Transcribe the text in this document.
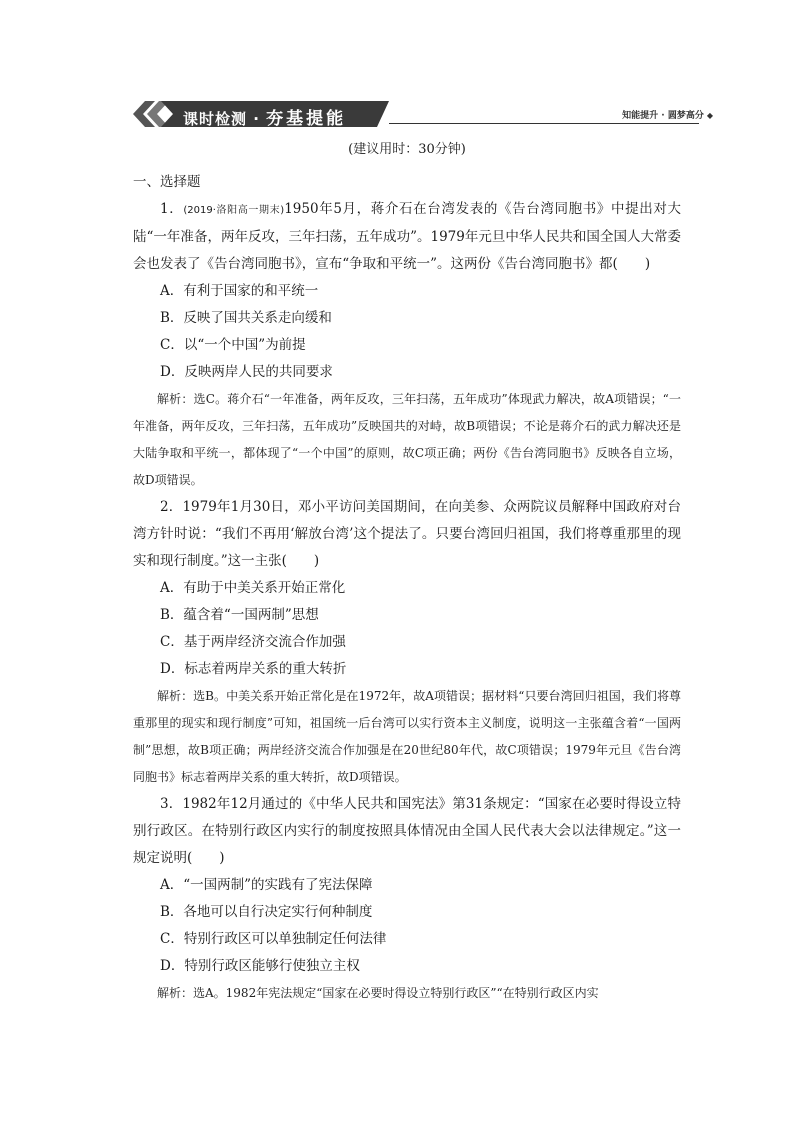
课时检测 · 夯基提能	知能提升 · 圆梦高分 ◆
(建议用时：30分钟)
一、选择题

1．(2019·洛阳高一期末)1950年5月，蒋介石在台湾发表的《告台湾同胞书》中提出对大陆“一年准备，两年反攻，三年扫荡，五年成功”。1979年元旦中华人民共和国全国人大常委会也发表了《告台湾同胞书》，宣布“争取和平统一”。这两份《告台湾同胞书》都(　　)

A．有利于国家的和平统一

B．反映了国共关系走向缓和

C．以“一个中国”为前提

D．反映两岸人民的共同要求

解析：选C。蒋介石“一年准备，两年反攻，三年扫荡，五年成功”体现武力解决，故A项错误；“一年准备，两年反攻，三年扫荡，五年成功”反映国共的对峙，故B项错误；不论是蒋介石的武力解决还是大陆争取和平统一，都体现了“一个中国”的原则，故C项正确；两份《告台湾同胞书》反映各自立场，故D项错误。

2．1979年1月30日，邓小平访问美国期间，在向美参、众两院议员解释中国政府对台湾方针时说：“我们不再用‘解放台湾’这个提法了。只要台湾回归祖国，我们将尊重那里的现实和现行制度。”这一主张(　　)

A．有助于中美关系开始正常化

B．蕴含着“一国两制”思想

C．基于两岸经济交流合作加强

D．标志着两岸关系的重大转折

解析：选B。中美关系开始正常化是在1972年，故A项错误；据材料“只要台湾回归祖国，我们将尊重那里的现实和现行制度”可知，祖国统一后台湾可以实行资本主义制度，说明这一主张蕴含着“一国两制”思想，故B项正确；两岸经济交流合作加强是在20世纪80年代，故C项错误；1979年元旦《告台湾同胞书》标志着两岸关系的重大转折，故D项错误。

3．1982年12月通过的《中华人民共和国宪法》第31条规定：“国家在必要时得设立特别行政区。在特别行政区内实行的制度按照具体情况由全国人民代表大会以法律规定。”这一规定说明(　　)

A．“一国两制”的实践有了宪法保障

B．各地可以自行决定实行何种制度

C．特别行政区可以单独制定任何法律

D．特别行政区能够行使独立主权

解析：选A。1982年宪法规定“国家在必要时得设立特别行政区”“在特别行政区内实
